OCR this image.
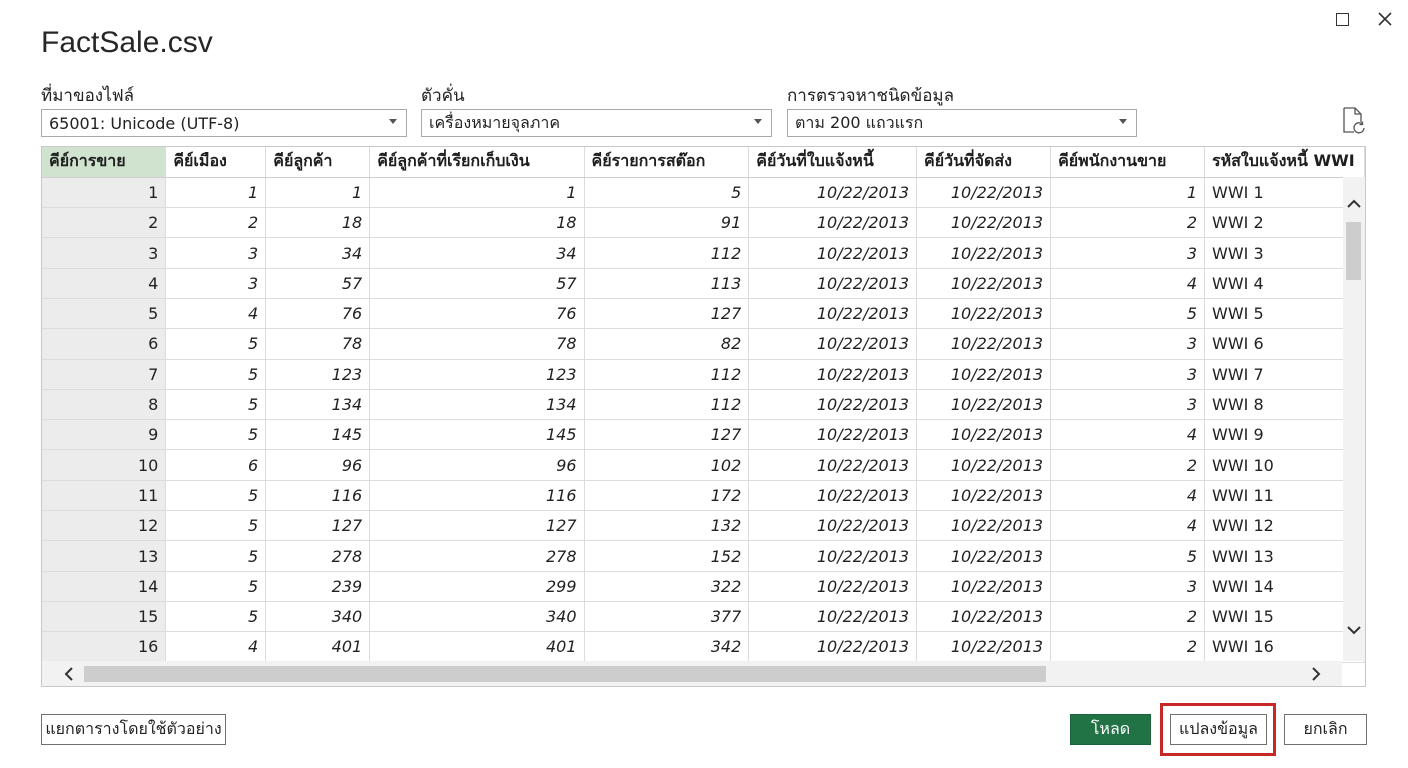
FactSale.csv
ที่มาของไฟล์
65001: Unicode (UTF-8)
ตัวคั่น
เครื่องหมายจุลภาค
การตรวจหาชนิดข้อมูล
ตาม 200 แถวแรก
คีย์การขาย	คีย์เมือง	คีย์ลูกค้า	คีย์ลูกค้าที่เรียกเก็บเงิน	คีย์รายการสต๊อก	คีย์วันที่ใบแจ้งหนี้	คีย์วันที่จัดส่ง	คีย์พนักงานขาย	รหัสใบแจ้งหนี้ WWI
1	1	1	1	5	10/22/2013	10/22/2013	1	WWI 1
2	2	18	18	91	10/22/2013	10/22/2013	2	WWI 2
3	3	34	34	112	10/22/2013	10/22/2013	3	WWI 3
4	3	57	57	113	10/22/2013	10/22/2013	4	WWI 4
5	4	76	76	127	10/22/2013	10/22/2013	5	WWI 5
6	5	78	78	82	10/22/2013	10/22/2013	3	WWI 6
7	5	123	123	112	10/22/2013	10/22/2013	3	WWI 7
8	5	134	134	112	10/22/2013	10/22/2013	3	WWI 8
9	5	145	145	127	10/22/2013	10/22/2013	4	WWI 9
10	6	96	96	102	10/22/2013	10/22/2013	2	WWI 10
11	5	116	116	172	10/22/2013	10/22/2013	4	WWI 11
12	5	127	127	132	10/22/2013	10/22/2013	4	WWI 12
13	5	278	278	152	10/22/2013	10/22/2013	5	WWI 13
14	5	239	299	322	10/22/2013	10/22/2013	3	WWI 14
15	5	340	340	377	10/22/2013	10/22/2013	2	WWI 15
16	4	401	401	342	10/22/2013	10/22/2013	2	WWI 16
แยกตารางโดยใช้ตัวอย่าง	โหลด	แปลงข้อมูล	ยกเลิก
